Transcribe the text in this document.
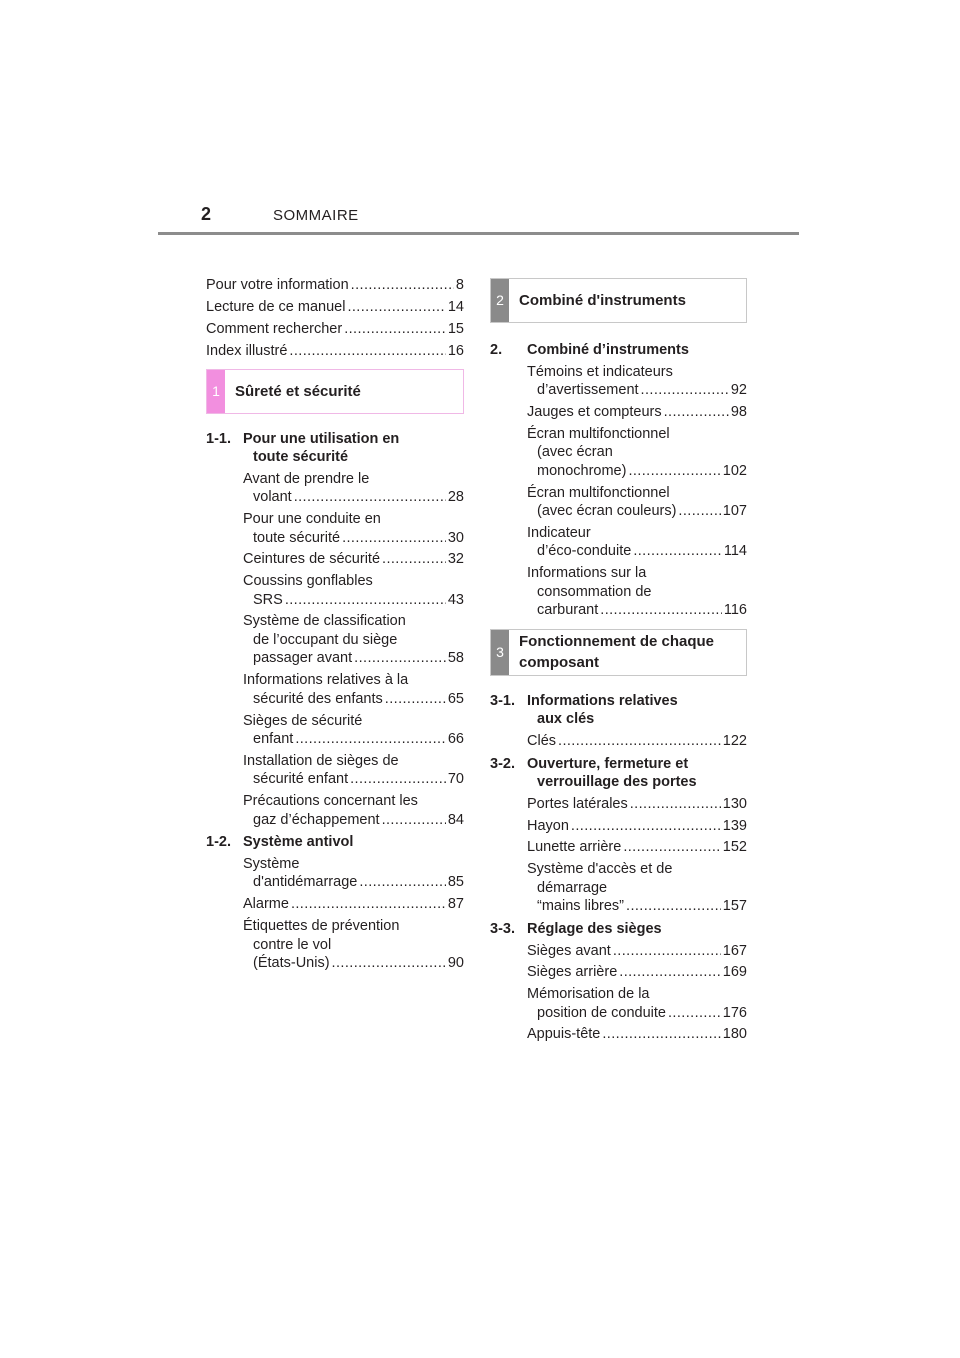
2	SOMMAIRE
Pour votre information .....	8
Lecture de ce manuel .....	14
Comment rechercher .....	15
Index illustré .....	16
1	Sûreté et sécurité
1-1. Pour une utilisation en
toute sécurité
Avant de prendre le
volant .....	28
Pour une conduite en
toute sécurité .....	30
Ceintures de sécurité .....	32
Coussins gonflables
SRS .....	43
Système de classification
de l’occupant du siège
passager avant .....	58
Informations relatives à la
sécurité des enfants .....	65
Sièges de sécurité
enfant .....	66
Installation de sièges de
sécurité enfant .....	70
Précautions concernant les
gaz d’échappement .....	84
1-2. Système antivol
Système
d'antidémarrage .....	85
Alarme .....	87
Étiquettes de prévention
contre le vol
(États-Unis) .....	90
2	Combiné d'instruments
2.	Combiné d’instruments
Témoins et indicateurs
d’avertissement .....	92
Jauges et compteurs .....	98
Écran multifonctionnel
(avec écran
monochrome) .....	102
Écran multifonctionnel
(avec écran couleurs) .....	107
Indicateur
d’éco-conduite .....	114
Informations sur la
consommation de
carburant .....	116
3
Fonctionnement de chaque
composant
3-1. Informations relatives
aux clés
Clés .....	122
3-2. Ouverture, fermeture et
verrouillage des portes
Portes latérales .....	130
Hayon .....	139
Lunette arrière .....	152
Système d'accès et de
démarrage
“mains libres” .....	157
3-3. Réglage des sièges
Sièges avant .....	167
Sièges arrière .....	169
Mémorisation de la
position de conduite .....	176
Appuis-tête .....	180
